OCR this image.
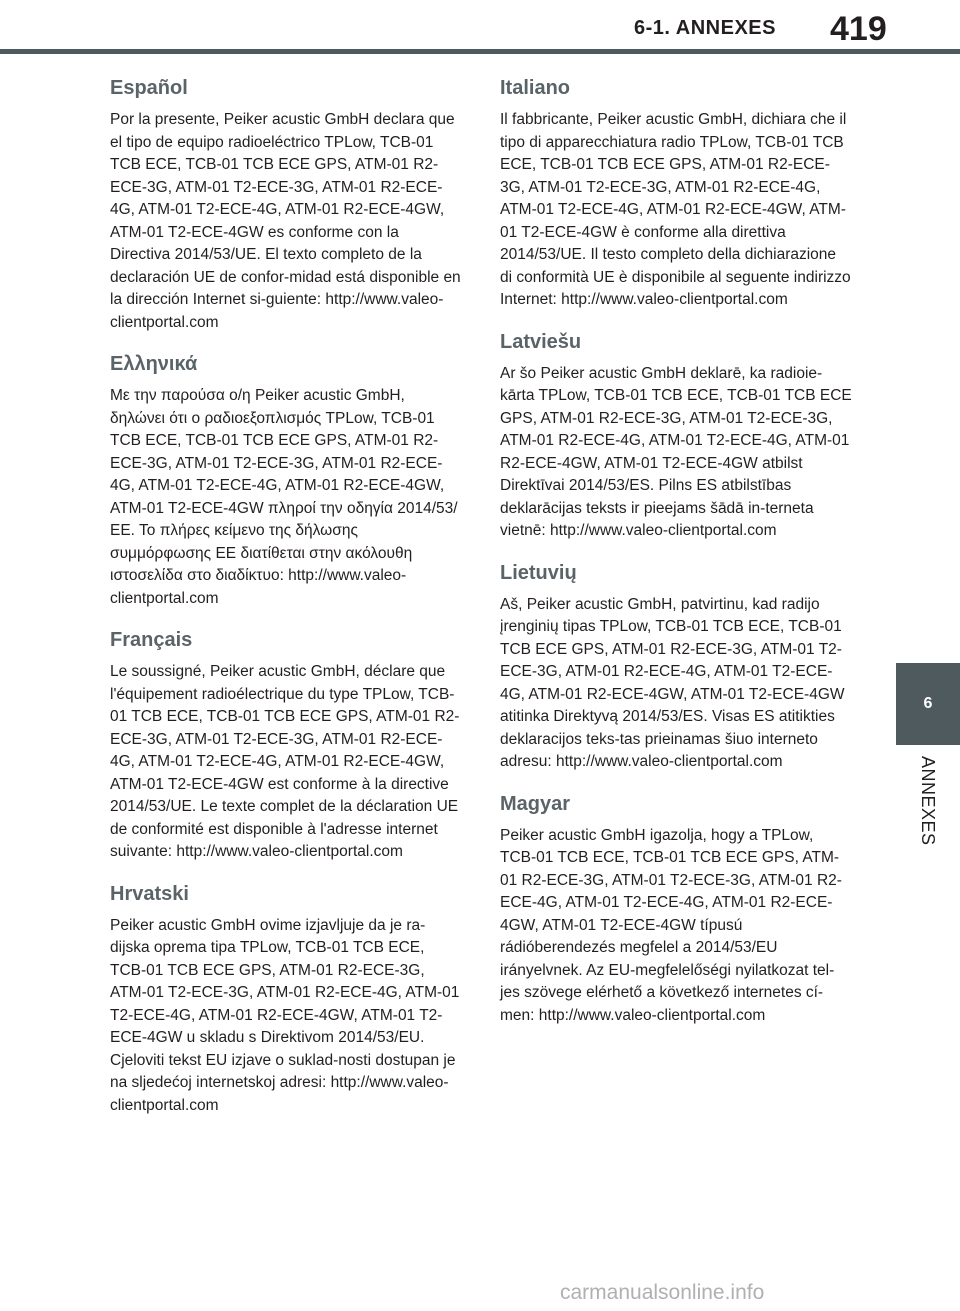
6-1. ANNEXES 419
Español

Por la presente, Peiker acustic GmbH declara que el tipo de equipo radioeléctrico TPLow, TCB-01 TCB ECE, TCB-01 TCB ECE GPS, ATM-01 R2-ECE-3G, ATM-01 T2-ECE-3G, ATM-01 R2-ECE-4G, ATM-01 T2-ECE-4G, ATM-01 R2-ECE-4GW, ATM-01 T2-ECE-4GW es conforme con la Directiva 2014/53/UE. El texto completo de la declaración UE de confor-midad está disponible en la dirección Internet si-guiente: http://www.valeo-clientportal.com

Ελληνικά

Με την παρούσα ο/η Peiker acustic GmbH, δηλώνει ότι ο ραδιοεξοπλισμός TPLow, TCB-01 TCB ECE, TCB-01 TCB ECE GPS, ATM-01 R2-ECE-3G, ATM-01 T2-ECE-3G, ATM-01 R2-ECE-4G, ATM-01 T2-ECE-4G, ATM-01 R2-ECE-4GW, ATM-01 T2-ECE-4GW πληροί την οδηγία 2014/53/ΕΕ. Το πλήρες κείμενο της δήλωσης συμμόρφωσης ΕΕ διατίθεται στην ακόλουθη ιστοσελίδα στο διαδίκτυο: http://www.valeo-clientportal.com

Français

Le soussigné, Peiker acustic GmbH, déclare que l'équipement radioélectrique du type TPLow, TCB-01 TCB ECE, TCB-01 TCB ECE GPS, ATM-01 R2-ECE-3G, ATM-01 T2-ECE-3G, ATM-01 R2-ECE-4G, ATM-01 T2-ECE-4G, ATM-01 R2-ECE-4GW, ATM-01 T2-ECE-4GW est conforme à la directive 2014/53/UE. Le texte complet de la déclaration UE de conformité est disponible à l'adresse internet suivante: http://www.valeo-clientportal.com

Hrvatski

Peiker acustic GmbH ovime izjavljuje da je ra-dijska oprema tipa TPLow, TCB-01 TCB ECE, TCB-01 TCB ECE GPS, ATM-01 R2-ECE-3G, ATM-01 T2-ECE-3G, ATM-01 R2-ECE-4G, ATM-01 T2-ECE-4G, ATM-01 R2-ECE-4GW, ATM-01 T2-ECE-4GW u skladu s Direktivom 2014/53/EU. Cjeloviti tekst EU izjave o suklad-nosti dostupan je na sljedećoj internetskoj adresi: http://www.valeo-clientportal.com

Italiano

Il fabbricante, Peiker acustic GmbH, dichiara che il tipo di apparecchiatura radio TPLow, TCB-01 TCB ECE, TCB-01 TCB ECE GPS, ATM-01 R2-ECE-3G, ATM-01 T2-ECE-3G, ATM-01 R2-ECE-4G, ATM-01 T2-ECE-4G, ATM-01 R2-ECE-4GW, ATM-01 T2-ECE-4GW è conforme alla direttiva 2014/53/UE. Il testo completo della dichiarazione di conformità UE è disponibile al seguente indirizzo Internet: http://www.valeo-clientportal.com

Latviešu

Ar šo Peiker acustic GmbH deklarē, ka radioie-kārta TPLow, TCB-01 TCB ECE, TCB-01 TCB ECE GPS, ATM-01 R2-ECE-3G, ATM-01 T2-ECE-3G, ATM-01 R2-ECE-4G, ATM-01 T2-ECE-4G, ATM-01 R2-ECE-4GW, ATM-01 T2-ECE-4GW atbilst Direktīvai 2014/53/ES. Pilns ES atbilstības deklarācijas teksts ir pieejams šādā in-terneta vietnē: http://www.valeo-clientportal.com

Lietuvių

Aš, Peiker acustic GmbH, patvirtinu, kad radijo įrenginių tipas TPLow, TCB-01 TCB ECE, TCB-01 TCB ECE GPS, ATM-01 R2-ECE-3G, ATM-01 T2-ECE-3G, ATM-01 R2-ECE-4G, ATM-01 T2-ECE-4G, ATM-01 R2-ECE-4GW, ATM-01 T2-ECE-4GW atitinka Direktyvą 2014/53/ES. Visas ES atitikties deklaracijos teks-tas prieinamas šiuo interneto adresu: http://www.valeo-clientportal.com

Magyar

Peiker acustic GmbH igazolja, hogy a TPLow, TCB-01 TCB ECE, TCB-01 TCB ECE GPS, ATM-01 R2-ECE-3G, ATM-01 T2-ECE-3G, ATM-01 R2-ECE-4G, ATM-01 T2-ECE-4G, ATM-01 R2-ECE-4GW, ATM-01 T2-ECE-4GW típusú rádióberendezés megfelel a 2014/53/EU irányelvnek. Az EU-megfelelőségi nyilatkozat tel-jes szövege elérhető a következő internetes cí-men: http://www.valeo-clientportal.com

6
ANNEXES
carmanualsonline.info
